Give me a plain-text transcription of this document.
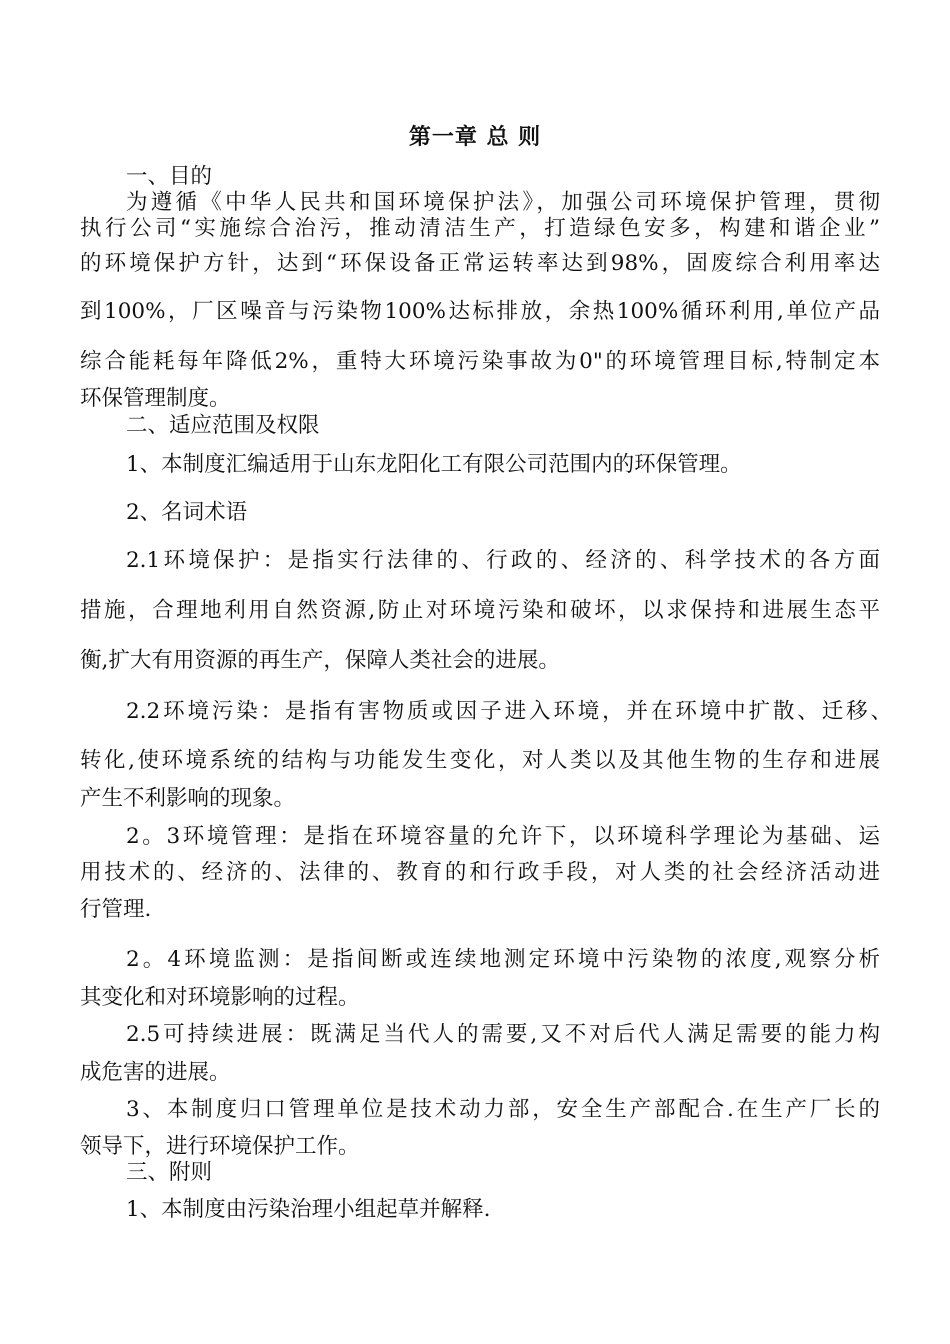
第一章 总 则
一、目的
为遵循《中华人民共和国环境保护法》，加强公司环境保护管理，贯彻
执行公司“实施综合治污，推动清洁生产，打造绿色安多，构建和谐企业”
的环境保护方针，达到“环保设备正常运转率达到98%，固废综合利用率达
到100%，厂区噪音与污染物100%达标排放，余热100%循环利用,单位产品
综合能耗每年降低2%，重特大环境污染事故为0"的环境管理目标,特制定本
环保管理制度。
二、适应范围及权限
1、本制度汇编适用于山东龙阳化工有限公司范围内的环保管理。
2、名词术语
2.1环境保护：是指实行法律的、行政的、经济的、科学技术的各方面
措施，合理地利用自然资源,防止对环境污染和破坏，以求保持和进展生态平
衡,扩大有用资源的再生产，保障人类社会的进展。
2.2环境污染：是指有害物质或因子进入环境，并在环境中扩散、迁移、
转化,使环境系统的结构与功能发生变化，对人类以及其他生物的生存和进展
产生不利影响的现象。
2。3环境管理：是指在环境容量的允许下，以环境科学理论为基础、运
用技术的、经济的、法律的、教育的和行政手段，对人类的社会经济活动进
行管理.
2。4环境监测：是指间断或连续地测定环境中污染物的浓度,观察分析
其变化和对环境影响的过程。
2.5可持续进展：既满足当代人的需要,又不对后代人满足需要的能力构
成危害的进展。
3、本制度归口管理单位是技术动力部，安全生产部配合.在生产厂长的
领导下，进行环境保护工作。
三、附则
1、本制度由污染治理小组起草并解释.
